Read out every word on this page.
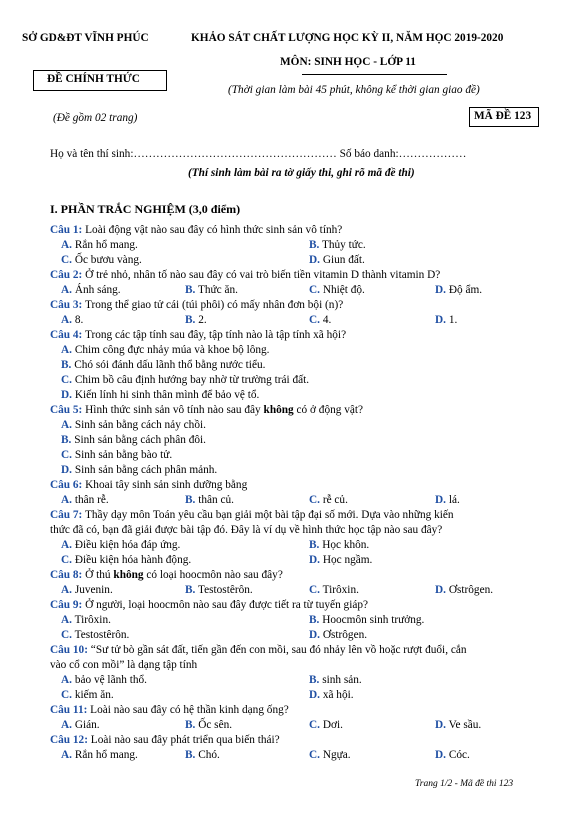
SỞ GD&ĐT VĨNH PHÚC	KHẢO SÁT CHẤT LƯỢNG HỌC KỲ II, NĂM HỌC 2019-2020
ĐỀ CHÍNH THỨC
MÔN: SINH HỌC - LỚP 11
(Thời gian làm bài 45 phút, không kể thời gian giao đề)
(Đề gồm 02 trang)	MÃ ĐỀ 123
Họ và tên thí sinh:……………………………………………… Số báo danh:………………
(Thí sinh làm bài ra tờ giấy thi, ghi rõ mã đề thi)
I. PHẦN TRẮC NGHIỆM (3,0 điểm)
Câu 1: Loài động vật nào sau đây có hình thức sinh sản vô tính?
A. Rắn hổ mang.	B. Thủy tức.
C. Ốc bươu vàng.	D. Giun đất.
Câu 2: Ở trẻ nhỏ, nhân tố nào sau đây có vai trò biến tiền vitamin D thành vitamin D?
A. Ánh sáng.	B. Thức ăn.	C. Nhiệt độ.	D. Độ ẩm.
Câu 3: Trong thể giao tử cái (túi phôi) có mấy nhân đơn bội (n)?
A. 8.	B. 2.	C. 4.	D. 1.
Câu 4: Trong các tập tính sau đây, tập tính nào là tập tính xã hội?
A. Chim công đực nhảy múa và khoe bộ lông.
B. Chó sói đánh dấu lãnh thổ bằng nước tiểu.
C. Chim bồ câu định hướng bay nhờ từ trường trái đất.
D. Kiến lính hi sinh thân mình để bảo vệ tổ.
Câu 5: Hình thức sinh sản vô tính nào sau đây không có ở động vật?
A. Sinh sản bằng cách nảy chồi.
B. Sinh sản bằng cách phân đôi.
C. Sinh sản bằng bào tử.
D. Sinh sản bằng cách phân mảnh.
Câu 6: Khoai tây sinh sản sinh dưỡng bằng
A. thân rễ.	B. thân củ.	C. rễ củ.	D. lá.
Câu 7: Thầy dạy môn Toán yêu cầu bạn giải một bài tập đại số mới. Dựa vào những kiến
thức đã có, bạn đã giải được bài tập đó. Đây là ví dụ về hình thức học tập nào sau đây?
A. Điều kiện hóa đáp ứng.	B. Học khôn.
C. Điều kiện hóa hành động.	D. Học ngầm.
Câu 8: Ở thú không có loại hoocmôn nào sau đây?
A. Juvenin.	B. Testostêrôn.	C. Tirôxin.	D. Ơstrôgen.
Câu 9: Ở người, loại hoocmôn nào sau đây được tiết ra từ tuyến giáp?
A. Tirôxin.	B. Hoocmôn sinh trưởng.
C. Testostêrôn.	D. Ơstrôgen.
Câu 10: “Sư tử bò gần sát đất, tiến gần đến con mồi, sau đó nhảy lên vồ hoặc rượt đuổi, cắn
vào cổ con mồi” là dạng tập tính
A. bảo vệ lãnh thổ.	B. sinh sản.
C. kiếm ăn.	D. xã hội.
Câu 11: Loài nào sau đây có hệ thần kinh dạng ống?
A. Gián.	B. Ốc sên.	C. Dơi.	D. Ve sầu.
Câu 12: Loài nào sau đây phát triển qua biến thái?
A. Rắn hổ mang.	B. Chó.	C. Ngựa.	D. Cóc.
Trang 1/2 - Mã đề thi 123
